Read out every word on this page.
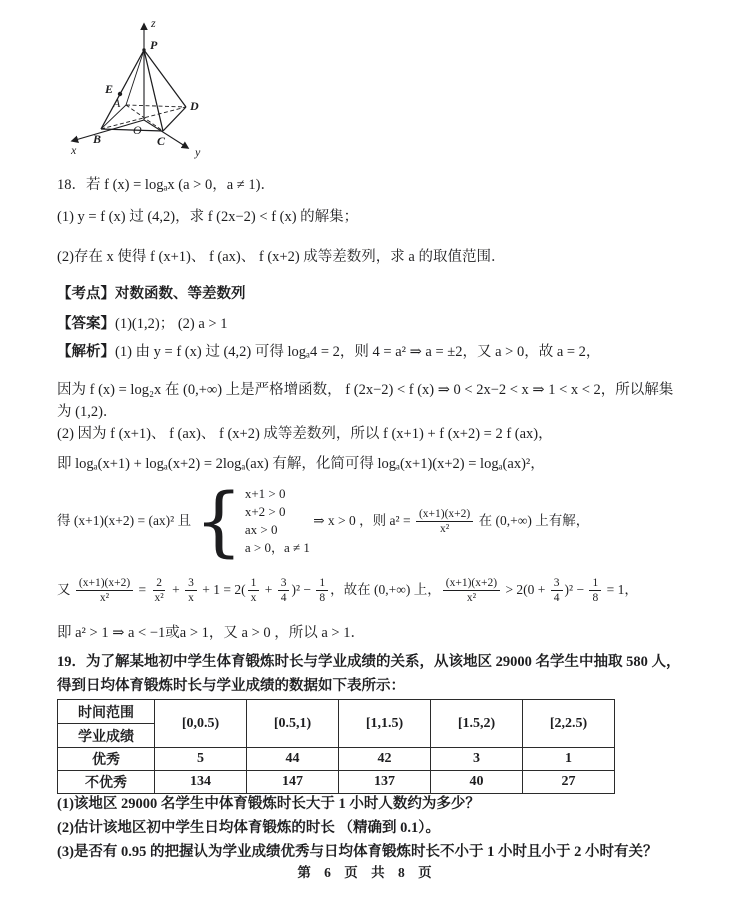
z
P
E
A
B	C
D
O
x	y
18．若 f (x) = logₐx (a > 0，a ≠ 1)．
(1) y = f (x) 过 (4,2)，求 f (2x−2) < f (x) 的解集；
(2)存在 x 使得 f (x+1)、 f (ax)、 f (x+2) 成等差数列，求 a 的取值范围．
【考点】对数函数、等差数列
【答案】(1)(1,2)； (2) a > 1
【解析】(1) 由 y = f (x) 过 (4,2) 可得 logₐ4 = 2，则 4 = a² ⇒ a = ±2，又 a > 0，故 a = 2，
因为 f (x) = log₂x 在 (0,+∞) 上是严格增函数， f (2x−2) < f (x) ⇒ 0 < 2x−2 < x ⇒ 1 < x < 2，所以解集为 (1,2)．
(2) 因为 f (x+1)、 f (ax)、 f (x+2) 成等差数列，所以 f (x+1) + f (x+2) = 2 f (ax)，
即 logₐ(x+1) + logₐ(x+2) = 2logₐ(ax) 有解，化简可得 logₐ(x+1)(x+2) = logₐ(ax)²，
得 (x+1)(x+2) = (ax)² 且 { x+1 > 0
x+2 > 0
ax > 0
a > 0，a ≠ 1
⇒ x > 0 ，则 $a^2 = \frac{(x+1)(x+2)}{\text{x²}}$ 在 (0,+∞) 上有解，
又 $\frac{(x+1)(x+2)}{\text{x²}} = \frac{2}{\text{x²}} + \frac{3}{x} + 1 = 2( \frac{1}{x} + \frac{3}{4} )^2 - \frac{1}{8}$ ，故在 (0,+∞) 上， $\frac{(x+1)(x+2)}{\text{x²}} > 2(0 + \frac{3}{4} )^2 - \frac{1}{8} = 1$，
即 a² > 1 ⇒ a < −1或a > 1，又 a > 0 ，所以 a > 1．
19．为了解某地初中学生体育锻炼时长与学业成绩的关系，从该地区 29000 名学生中抽取 580 人，得到日均体育锻炼时长与学业成绩的数据如下表所示：
时间范围	[0,0.5)	[0.5,1)	[1,1.5)	[1.5,2)	[2,2.5)
学业成绩					
优秀	5	44	42	3	1
不优秀	134	147	137	40	27
(1)该地区 29000 名学生中体育锻炼时长大于 1 小时人数约为多少？
(2)估计该地区初中学生日均体育锻炼的时长 （精确到 0.1）。
(3)是否有 0.95 的把握认为学业成绩优秀与日均体育锻炼时长不小于 1 小时且小于 2 小时有关？
第 6 页 共 8 页
